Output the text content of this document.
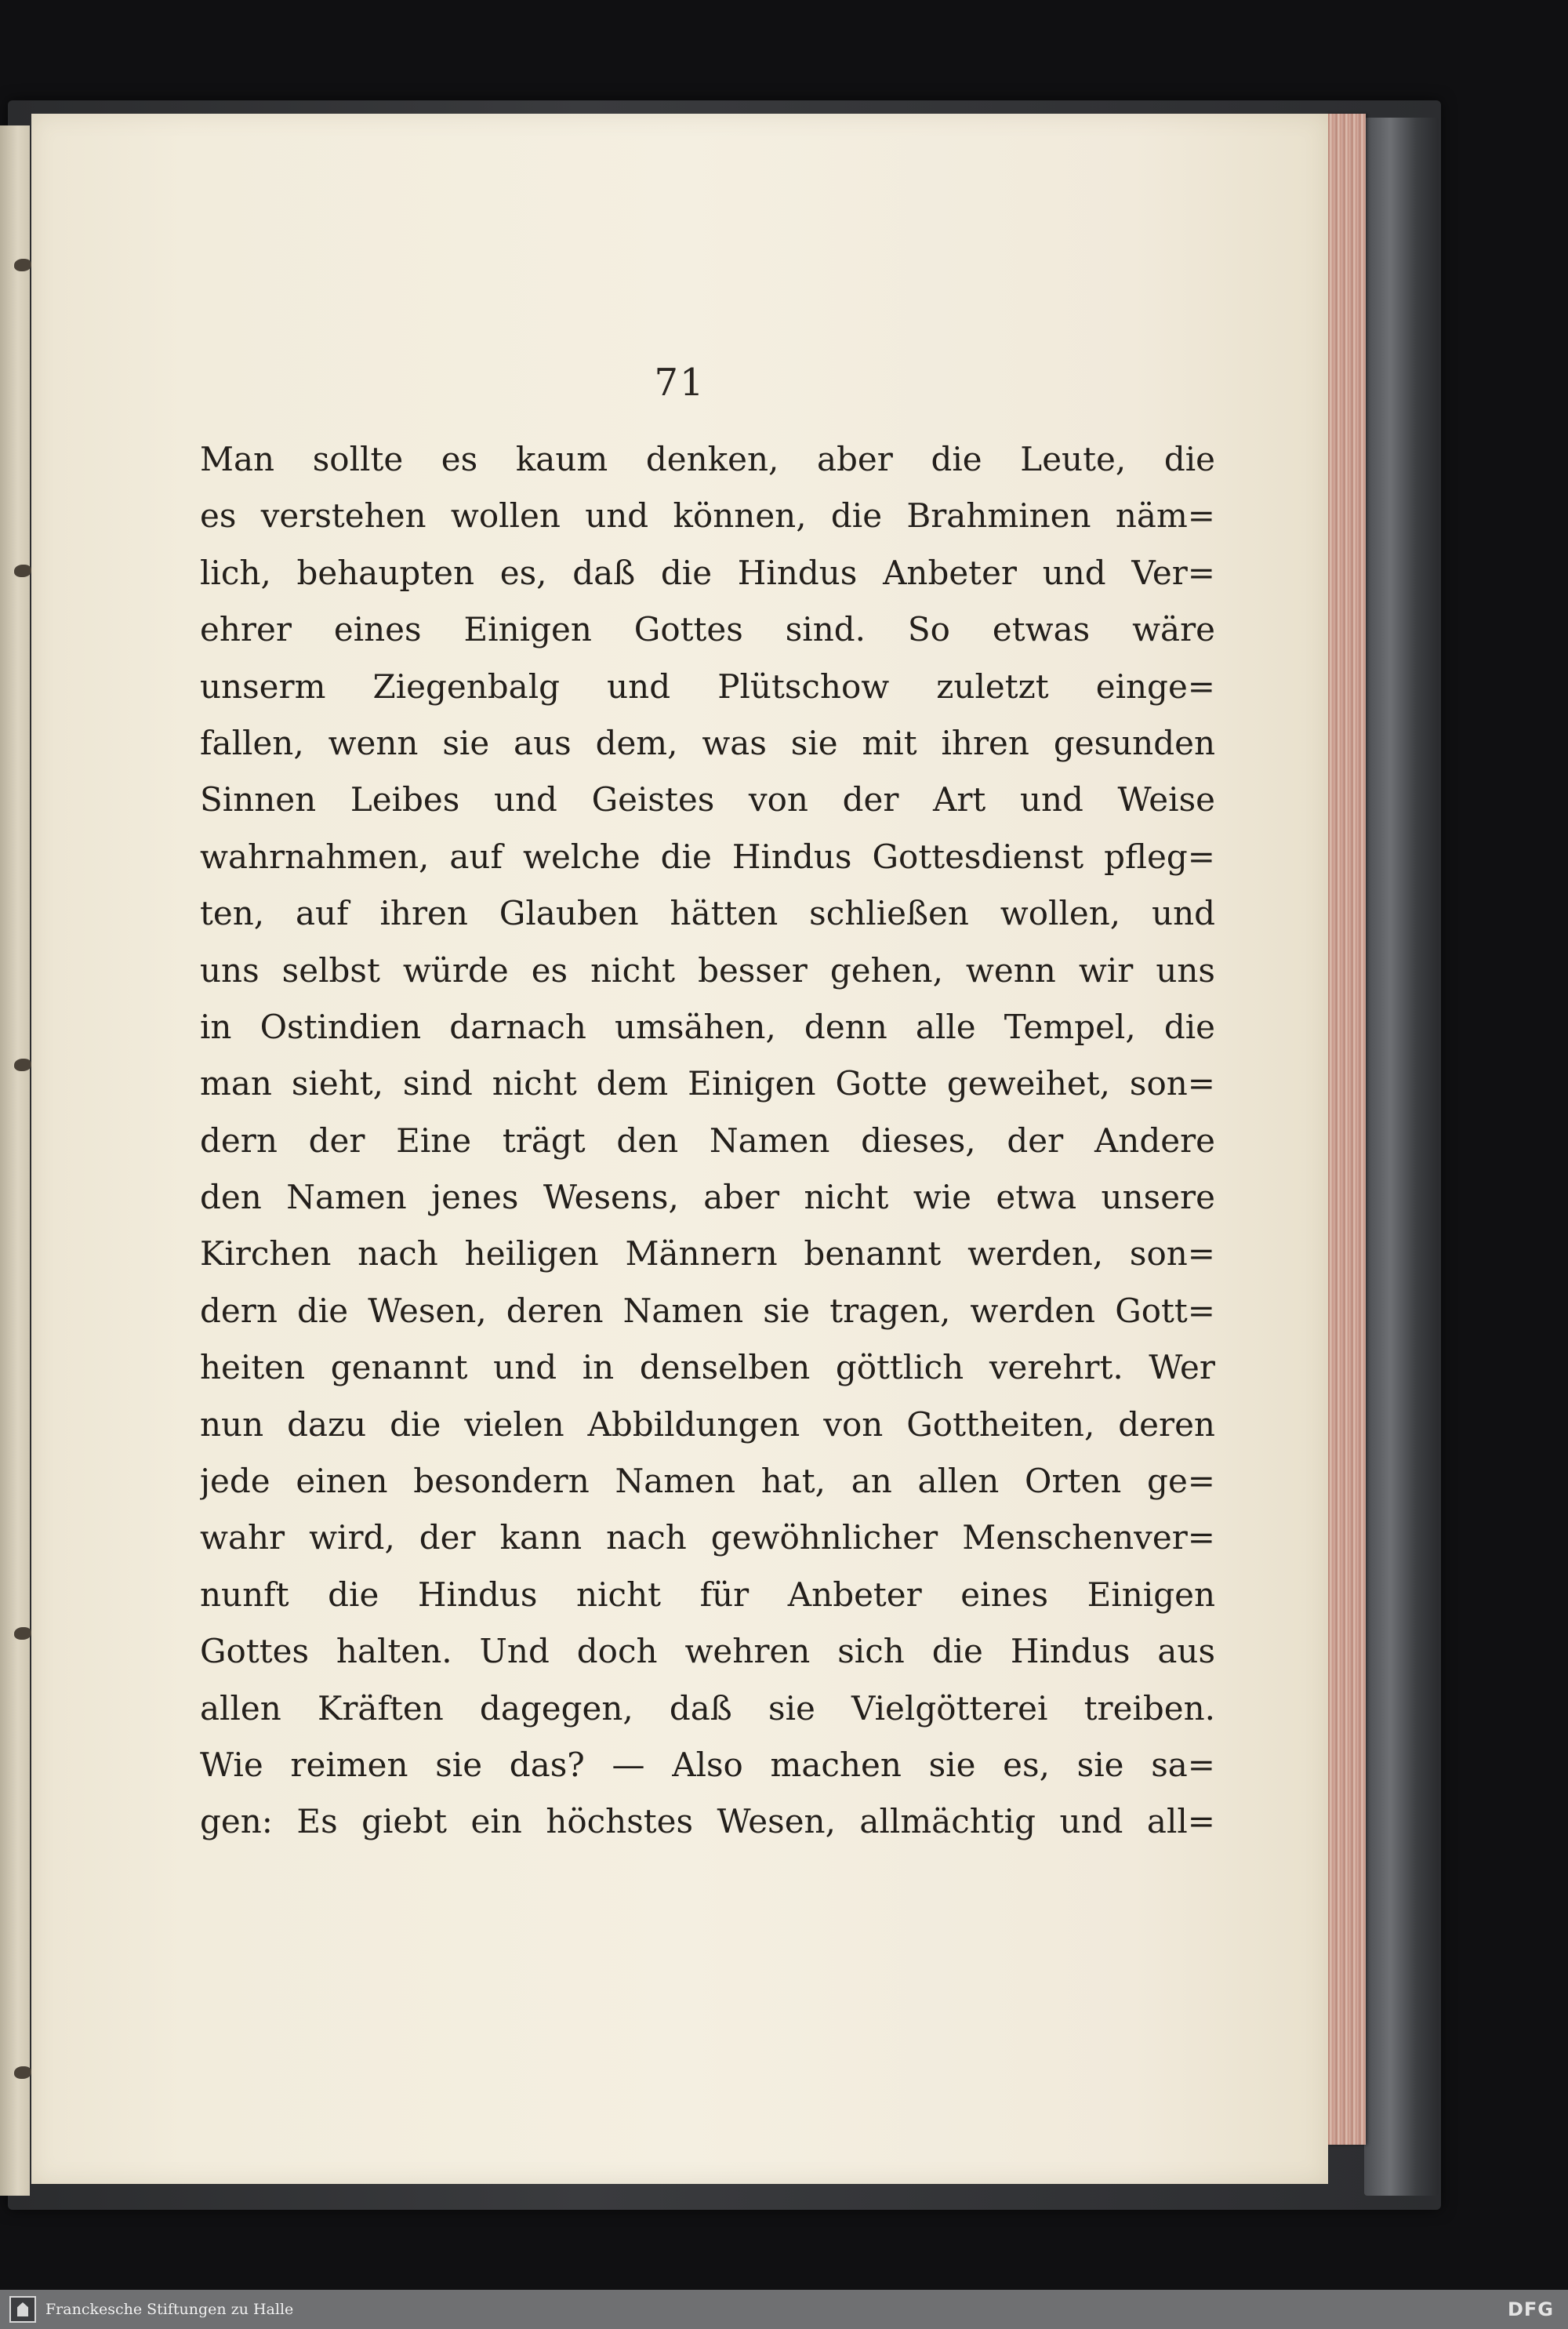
71
Man sollte es kaum denken, aber die Leute, die
es verstehen wollen und können, die Brahminen näm=
lich, behaupten es, daß die Hindus Anbeter und Ver=
ehrer eines Einigen Gottes sind. So etwas wäre
unserm Ziegenbalg und Plütschow zuletzt einge=
fallen, wenn sie aus dem, was sie mit ihren gesunden
Sinnen Leibes und Geistes von der Art und Weise
wahrnahmen, auf welche die Hindus Gottesdienst pfleg=
ten, auf ihren Glauben hätten schließen wollen, und
uns selbst würde es nicht besser gehen, wenn wir uns
in Ostindien darnach umsähen, denn alle Tempel, die
man sieht, sind nicht dem Einigen Gotte geweihet, son=
dern der Eine trägt den Namen dieses, der Andere
den Namen jenes Wesens, aber nicht wie etwa unsere
Kirchen nach heiligen Männern benannt werden, son=
dern die Wesen, deren Namen sie tragen, werden Gott=
heiten genannt und in denselben göttlich verehrt. Wer
nun dazu die vielen Abbildungen von Gottheiten, deren
jede einen besondern Namen hat, an allen Orten ge=
wahr wird, der kann nach gewöhnlicher Menschenver=
nunft die Hindus nicht für Anbeter eines Einigen
Gottes halten. Und doch wehren sich die Hindus aus
allen Kräften dagegen, daß sie Vielgötterei treiben.
Wie reimen sie das? — Also machen sie es, sie sa=
gen: Es giebt ein höchstes Wesen, allmächtig und all=
Franckesche Stiftungen zu Halle	DFG
